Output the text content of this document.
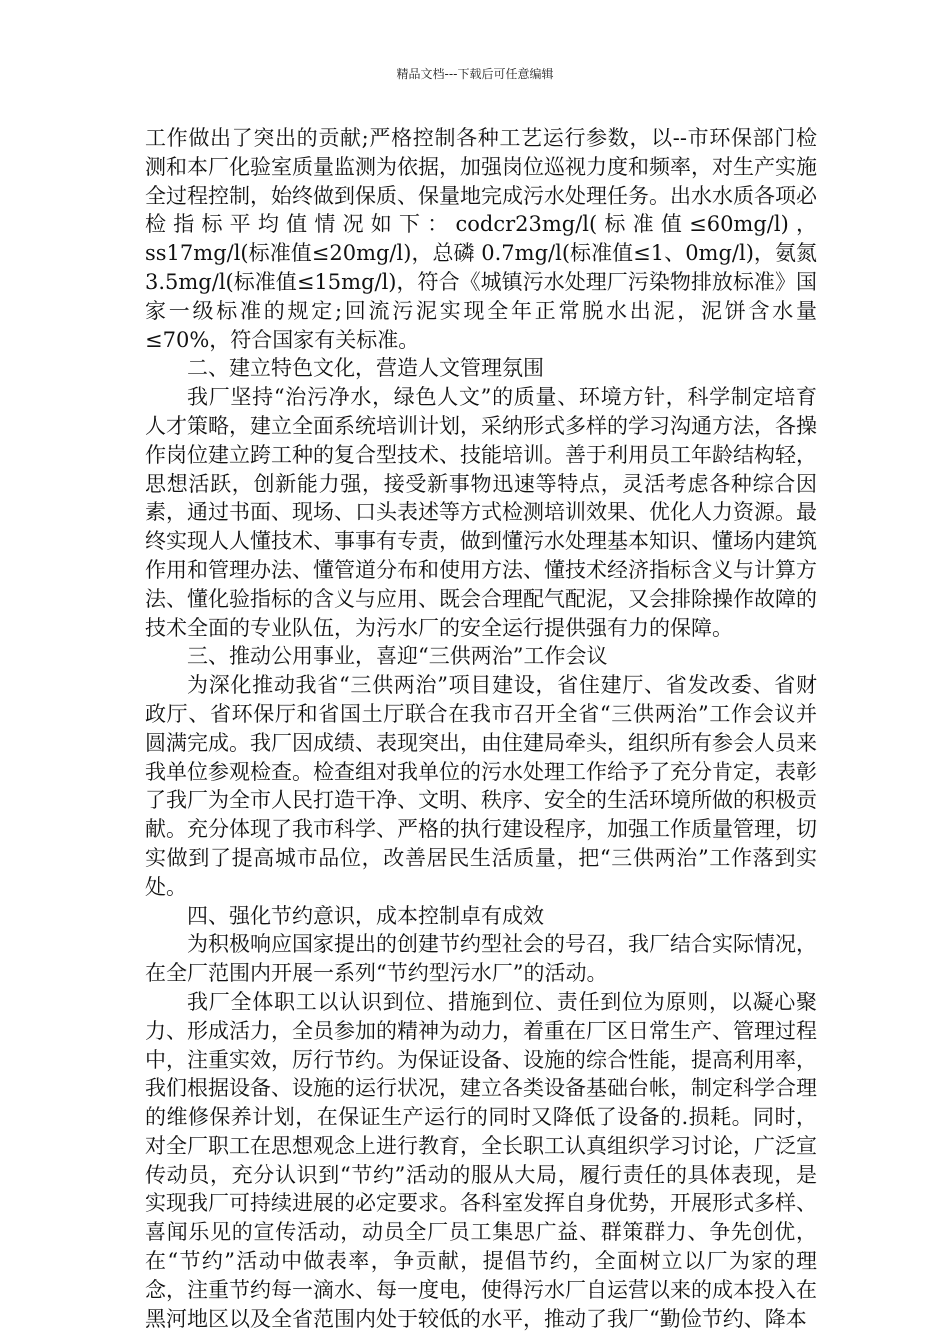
精品文档---下载后可任意编辑

工作做出了突出的贡献;严格控制各种工艺运行参数，以--市环保部门检测和本厂化验室质量监测为依据，加强岗位巡视力度和频率，对生产实施全过程控制，始终做到保质、保量地完成污水处理任务。出水水质各项必检指标平均值情况如下：codcr23mg/l(标准值≤60mg/l)，ss17mg/l(标准值≤20mg/l)，总磷 0.7mg/l(标准值≤1、0mg/l)，氨氮3.5mg/l(标准值≤15mg/l)，符合《城镇污水处理厂污染物排放标准》国家一级标准的规定;回流污泥实现全年正常脱水出泥，泥饼含水量≤70%，符合国家有关标准。

二、建立特色文化，营造人文管理氛围

我厂坚持“治污净水，绿色人文”的质量、环境方针，科学制定培育人才策略，建立全面系统培训计划，采纳形式多样的学习沟通方法，各操作岗位建立跨工种的复合型技术、技能培训。善于利用员工年龄结构轻，思想活跃，创新能力强，接受新事物迅速等特点，灵活考虑各种综合因素，通过书面、现场、口头表述等方式检测培训效果、优化人力资源。最终实现人人懂技术、事事有专责，做到懂污水处理基本知识、懂场内建筑作用和管理办法、懂管道分布和使用方法、懂技术经济指标含义与计算方法、懂化验指标的含义与应用、既会合理配气配泥，又会排除操作故障的技术全面的专业队伍，为污水厂的安全运行提供强有力的保障。

三、推动公用事业，喜迎“三供两治”工作会议

为深化推动我省“三供两治”项目建设，省住建厅、省发改委、省财政厅、省环保厅和省国土厅联合在我市召开全省“三供两治”工作会议并圆满完成。我厂因成绩、表现突出，由住建局牵头，组织所有参会人员来我单位参观检查。检查组对我单位的污水处理工作给予了充分肯定，表彰了我厂为全市人民打造干净、文明、秩序、安全的生活环境所做的积极贡献。充分体现了我市科学、严格的执行建设程序，加强工作质量管理，切实做到了提高城市品位，改善居民生活质量，把“三供两治”工作落到实处。

四、强化节约意识，成本控制卓有成效

为积极响应国家提出的创建节约型社会的号召，我厂结合实际情况，在全厂范围内开展一系列“节约型污水厂”的活动。

我厂全体职工以认识到位、措施到位、责任到位为原则，以凝心聚力、形成活力，全员参加的精神为动力，着重在厂区日常生产、管理过程中，注重实效，厉行节约。为保证设备、设施的综合性能，提高利用率，我们根据设备、设施的运行状况，建立各类设备基础台帐，制定科学合理的维修保养计划，在保证生产运行的同时又降低了设备的.损耗。同时，对全厂职工在思想观念上进行教育，全长职工认真组织学习讨论，广泛宣传动员，充分认识到“节约”活动的服从大局，履行责任的具体表现，是实现我厂可持续进展的必定要求。各科室发挥自身优势，开展形式多样、喜闻乐见的宣传活动，动员全厂员工集思广益、群策群力、争先创优，在“节约”活动中做表率，争贡献，提倡节约，全面树立以厂为家的理念，注重节约每一滴水、每一度电，使得污水厂自运营以来的成本投入在黑河地区以及全省范围内处于较低的水平，推动了我厂“勤俭节约、降本
